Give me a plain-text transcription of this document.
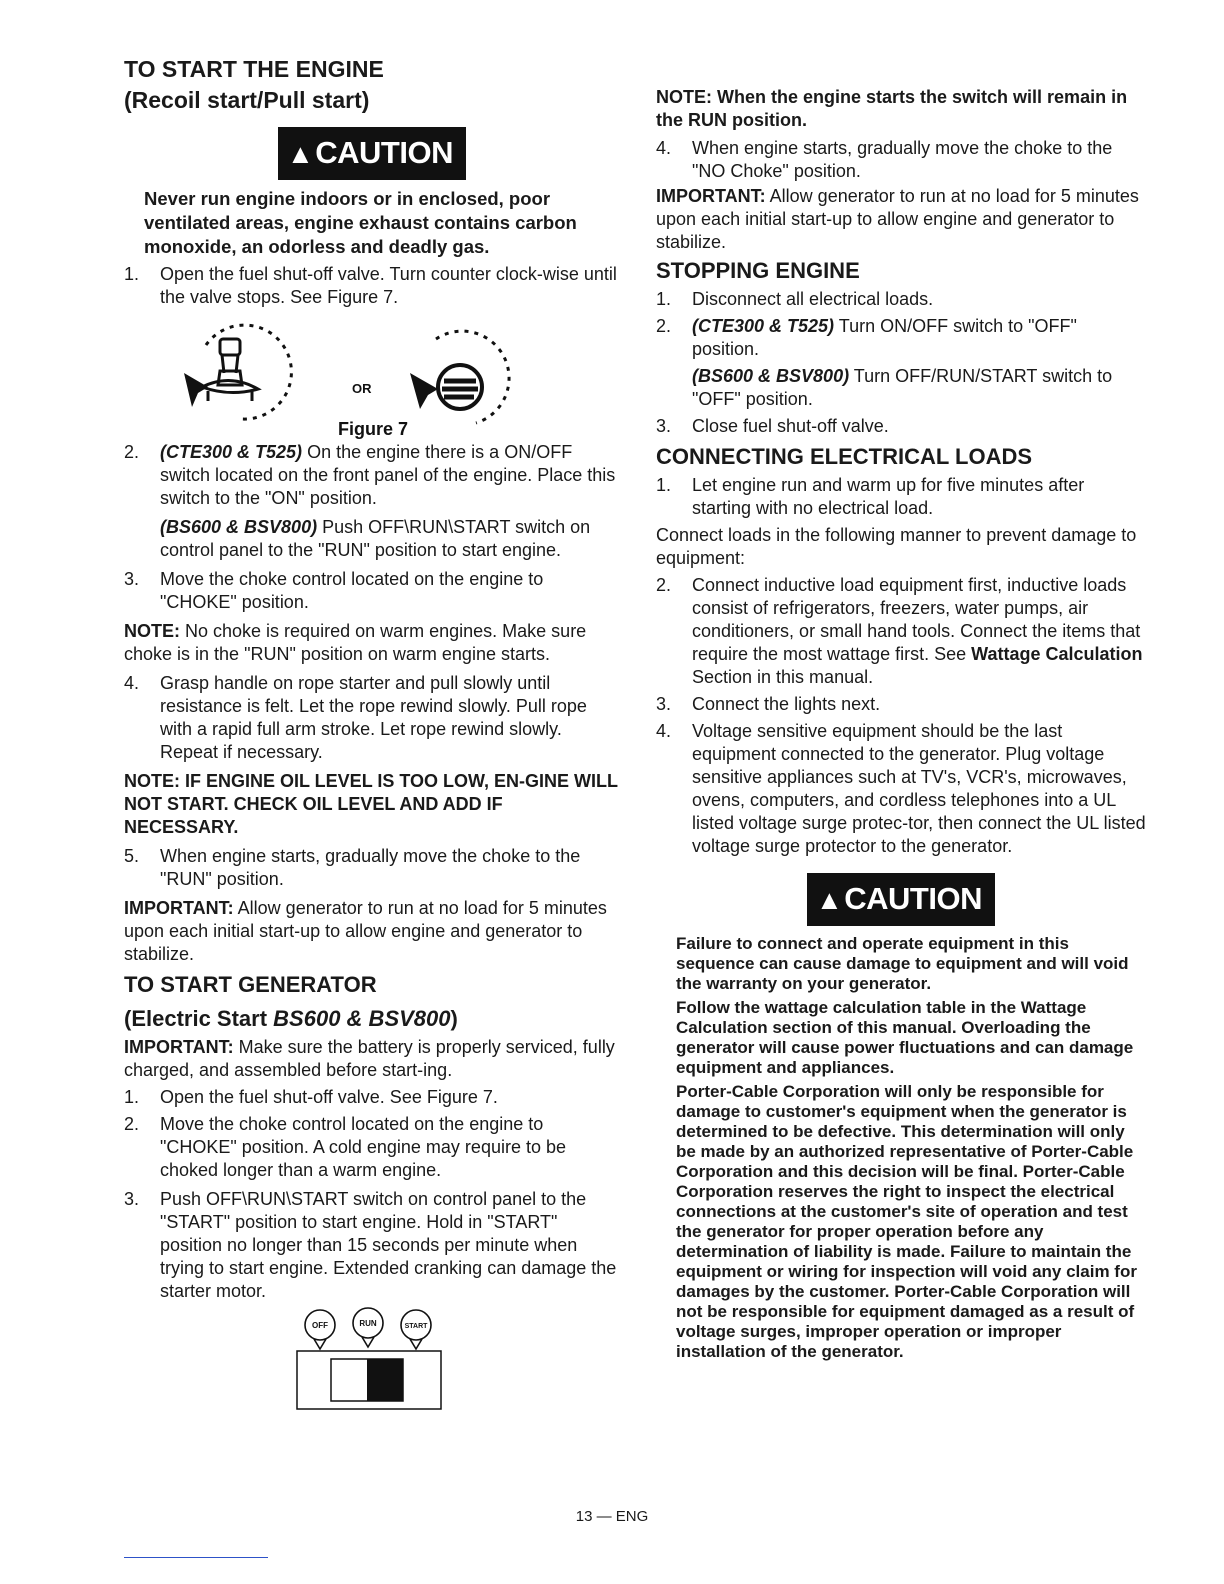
TO START THE ENGINE
(Recoil start/Pull start)
▲CAUTION
Never run engine indoors or in enclosed, poor ventilated areas, engine exhaust contains carbon monoxide, an odorless and deadly gas.
1. Open the fuel shut-off valve. Turn counter clock-wise until the valve stops. See Figure 7.
OR
Figure 7
2. (CTE300 & T525) On the engine there is a ON/OFF switch located on the front panel of the engine. Place this switch to the "ON" position.
(BS600 & BSV800) Push OFF\RUN\START switch on control panel to the "RUN" position to start engine.
3. Move the choke control located on the engine to "CHOKE" position.

NOTE: No choke is required on warm engines. Make sure choke is in the "RUN" position on warm engine starts.

4. Grasp handle on rope starter and pull slowly until resistance is felt. Let the rope rewind slowly. Pull rope with a rapid full arm stroke. Let rope rewind slowly. Repeat if necessary.

NOTE: IF ENGINE OIL LEVEL IS TOO LOW, EN-GINE WILL NOT START. CHECK OIL LEVEL AND ADD IF NECESSARY.

5. When engine starts, gradually move the choke to the "RUN" position.

IMPORTANT: Allow generator to run at no load for 5 minutes upon each initial start-up to allow engine and generator to stabilize.

TO START GENERATOR
(Electric Start BS600 & BSV800)

IMPORTANT: Make sure the battery is properly serviced, fully charged, and assembled before start-ing.

1. Open the fuel shut-off valve. See Figure 7.
2. Move the choke control located on the engine to "CHOKE" position. A cold engine may require to be choked longer than a warm engine.
3. Push OFF\RUN\START switch on control panel to the "START" position to start engine. Hold in "START" position no longer than 15 seconds per minute when trying to start engine. Extended cranking can damage the starter motor.
OFF	RUN	START

NOTE: When the engine starts the switch will remain in the RUN position.

4. When engine starts, gradually move the choke to the "NO Choke" position.

IMPORTANT: Allow generator to run at no load for 5 minutes upon each initial start-up to allow engine and generator to stabilize.

STOPPING ENGINE
1. Disconnect all electrical loads.
2. (CTE300 & T525) Turn ON/OFF switch to "OFF" position.
(BS600 & BSV800) Turn OFF/RUN/START switch to "OFF" position.
3. Close fuel shut-off valve.
CONNECTING ELECTRICAL LOADS
1. Let engine run and warm up for five minutes after starting with no electrical load.

Connect loads in the following manner to prevent damage to equipment:

2. Connect inductive load equipment first, inductive loads consist of refrigerators, freezers, water pumps, air conditioners, or small hand tools. Connect the items that require the most wattage first. See Wattage Calculation Section in this manual.
3. Connect the lights next.
4. Voltage sensitive equipment should be the last equipment connected to the generator. Plug voltage sensitive appliances such at TV's, VCR's, microwaves, ovens, computers, and cordless telephones into a UL listed voltage surge protec-tor, then connect the UL listed voltage surge protector to the generator.
▲CAUTION

Failure to connect and operate equipment in this sequence can cause damage to equipment and will void the warranty on your generator.

Follow the wattage calculation table in the Wattage Calculation section of this manual. Overloading the generator will cause power fluctuations and can damage equipment and appliances.

Porter-Cable Corporation will only be responsible for damage to customer's equipment when the generator is determined to be defective. This determination will only be made by an authorized representative of Porter-Cable Corporation and this decision will be final. Porter-Cable Corporation reserves the right to inspect the electrical connections at the customer's site of operation and test the generator for proper operation before any determination of liability is made. Failure to maintain the equipment or wiring for inspection will void any claim for damages by the customer. Porter-Cable Corporation will not be responsible for equipment damaged as a result of voltage surges, improper operation or improper installation of the generator.

13 — ENG
